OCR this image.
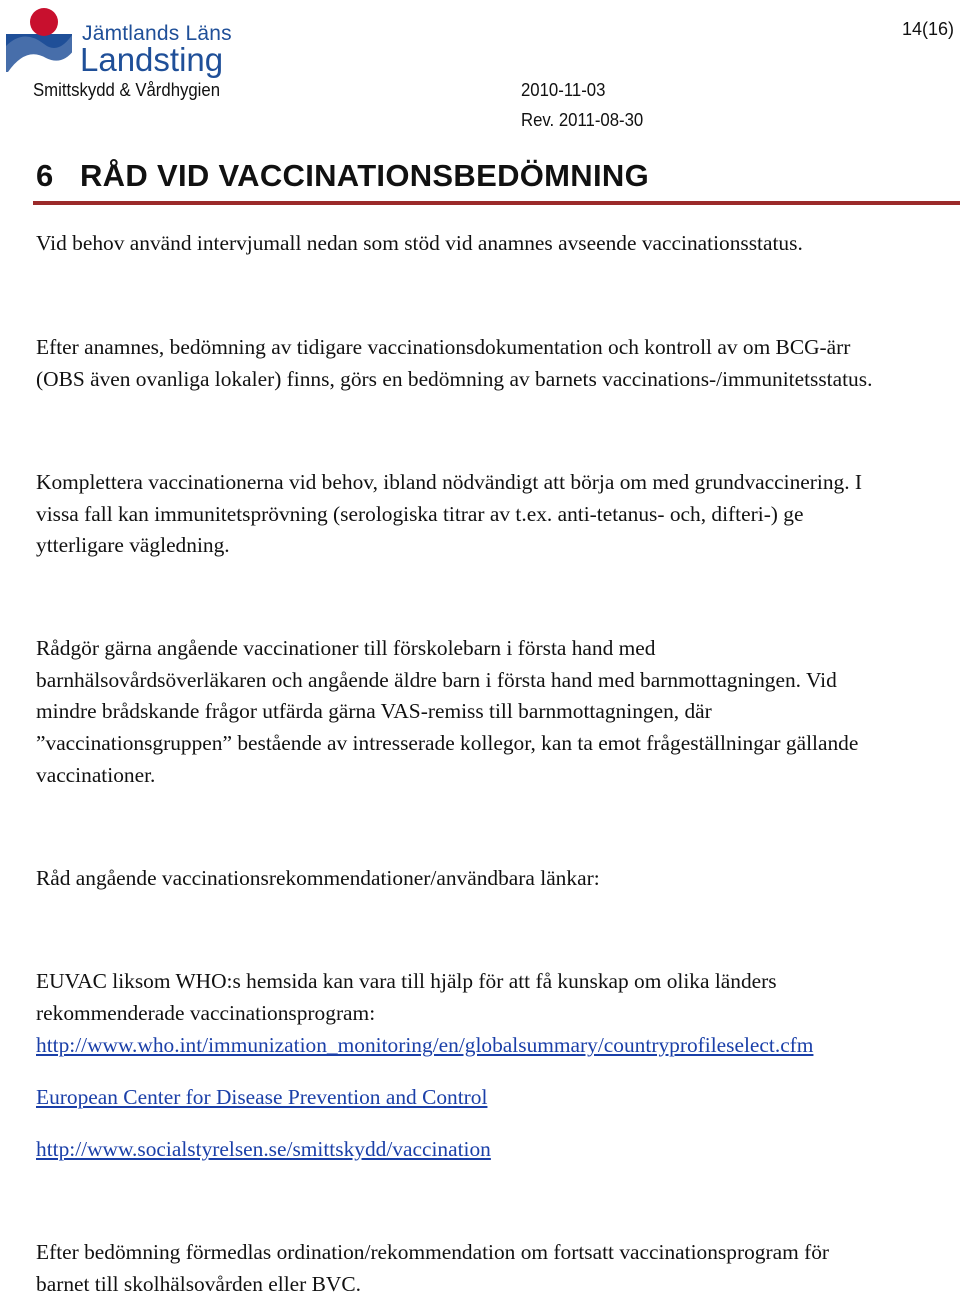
Jämtlands Läns
Landsting
Smittskydd & Vårdhygien	2010-11-03
Rev. 2011-08-30
14(16)
6 RÅD VID VACCINATIONSBEDÖMNING

Vid behov använd intervjumall nedan som stöd vid anamnes avseende vaccinationsstatus.

Efter anamnes, bedömning av tidigare vaccinationsdokumentation och kontroll av om BCG-ärr
(OBS även ovanliga lokaler) finns, görs en bedömning av barnets vaccinations-/immunitetsstatus.

Komplettera vaccinationerna vid behov, ibland nödvändigt att börja om med grundvaccinering. I
vissa fall kan immunitetsprövning (serologiska titrar av t.ex. anti-tetanus- och, difteri-) ge
ytterligare vägledning.

Rådgör gärna angående vaccinationer till förskolebarn i första hand med
barnhälsovårdsöverläkaren och angående äldre barn i första hand med barnmottagningen. Vid
mindre brådskande frågor utfärda gärna VAS-remiss till barnmottagningen, där
”vaccinationsgruppen” bestående av intresserade kollegor, kan ta emot frågeställningar gällande
vaccinationer.

Råd angående vaccinationsrekommendationer/användbara länkar:

EUVAC liksom WHO:s hemsida kan vara till hjälp för att få kunskap om olika länders
rekommenderade vaccinationsprogram:

http://www.who.int/immunization_monitoring/en/globalsummary/countryprofileselect.cfm
European Center for Disease Prevention and Control
http://www.socialstyrelsen.se/smittskydd/vaccination

Efter bedömning förmedlas ordination/rekommendation om fortsatt vaccinationsprogram för
barnet till skolhälsovården eller BVC.
